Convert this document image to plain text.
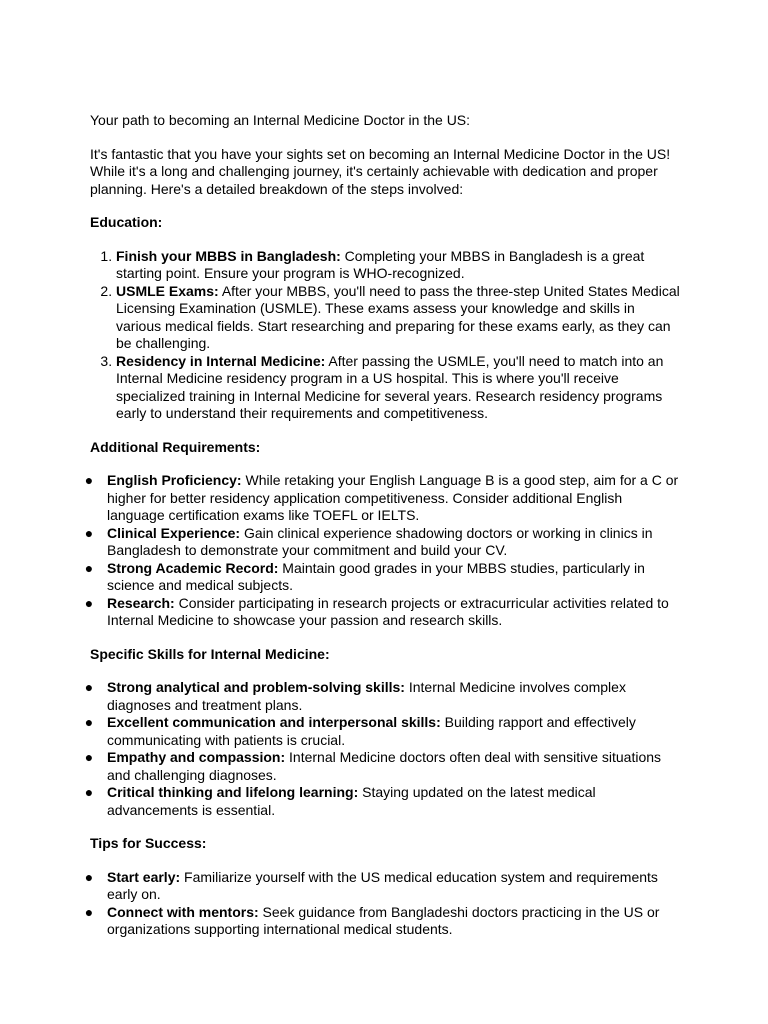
Your path to becoming an Internal Medicine Doctor in the US:

It's fantastic that you have your sights set on becoming an Internal Medicine Doctor in the US! While it's a long and challenging journey, it's certainly achievable with dedication and proper planning. Here's a detailed breakdown of the steps involved:

Education:

1. Finish your MBBS in Bangladesh: Completing your MBBS in Bangladesh is a great starting point. Ensure your program is WHO-recognized.
2. USMLE Exams: After your MBBS, you'll need to pass the three-step United States Medical Licensing Examination (USMLE). These exams assess your knowledge and skills in various medical fields. Start researching and preparing for these exams early, as they can be challenging.
3. Residency in Internal Medicine: After passing the USMLE, you'll need to match into an Internal Medicine residency program in a US hospital. This is where you'll receive specialized training in Internal Medicine for several years. Research residency programs early to understand their requirements and competitiveness.

Additional Requirements:

● English Proficiency: While retaking your English Language B is a good step, aim for a C or higher for better residency application competitiveness. Consider additional English language certification exams like TOEFL or IELTS.
● Clinical Experience: Gain clinical experience shadowing doctors or working in clinics in Bangladesh to demonstrate your commitment and build your CV.
● Strong Academic Record: Maintain good grades in your MBBS studies, particularly in science and medical subjects.
● Research: Consider participating in research projects or extracurricular activities related to Internal Medicine to showcase your passion and research skills.

Specific Skills for Internal Medicine:

● Strong analytical and problem-solving skills: Internal Medicine involves complex diagnoses and treatment plans.
● Excellent communication and interpersonal skills: Building rapport and effectively communicating with patients is crucial.
● Empathy and compassion: Internal Medicine doctors often deal with sensitive situations and challenging diagnoses.
● Critical thinking and lifelong learning: Staying updated on the latest medical advancements is essential.

Tips for Success:

● Start early: Familiarize yourself with the US medical education system and requirements early on.
● Connect with mentors: Seek guidance from Bangladeshi doctors practicing in the US or organizations supporting international medical students.
